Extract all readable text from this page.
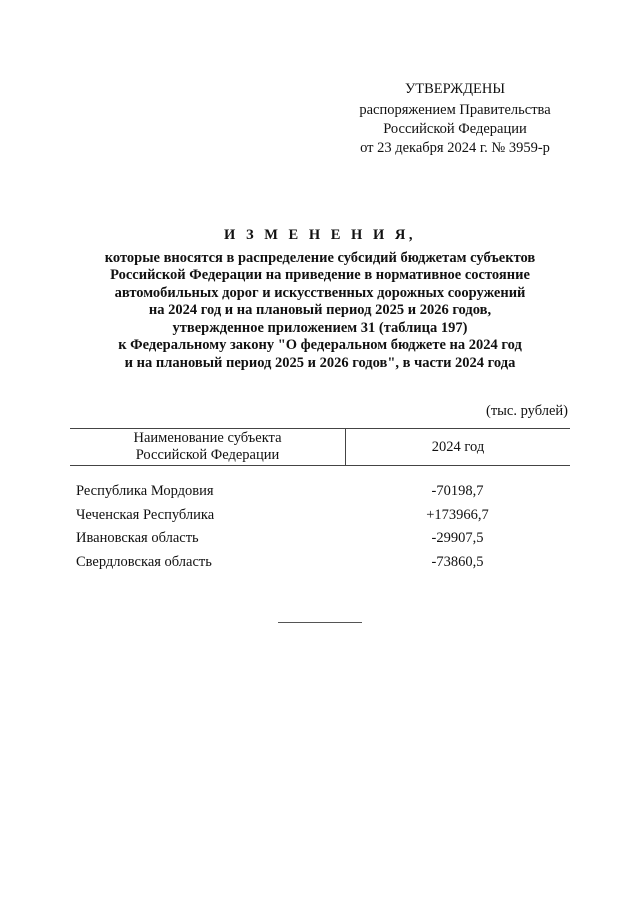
УТВЕРЖДЕНЫ
распоряжением Правительства
Российской Федерации
от 23 декабря 2024 г. № 3959-р
И З М Е Н Е Н И Я,
которые вносятся в распределение субсидий бюджетам субъектов
Российской Федерации на приведение в нормативное состояние
автомобильных дорог и искусственных дорожных сооружений
на 2024 год и на плановый период 2025 и 2026 годов,
утвержденное приложением 31 (таблица 197)
к Федеральному закону "О федеральном бюджете на 2024 год
и на плановый период 2025 и 2026 годов", в части 2024 года
(тыс. рублей)
Наименование субъекта
Российской Федерации	2024 год
Республика Мордовия	-70198,7
Чеченская Республика	+173966,7
Ивановская область	-29907,5
Свердловская область	-73860,5
